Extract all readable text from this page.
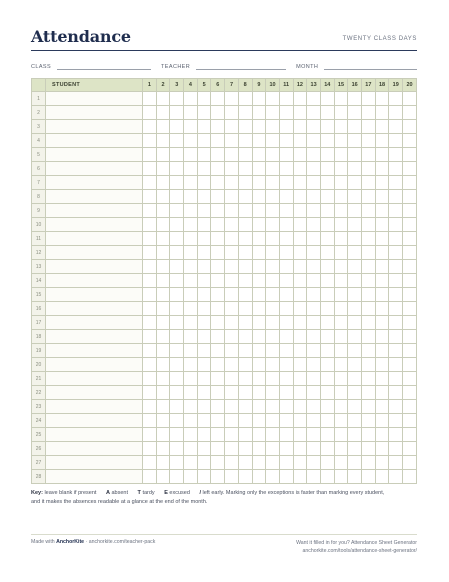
Attendance	TWENTY CLASS DAYS
CLASS	TEACHER	MONTH
	STUDENT	1	2	3	4	5	6	7	8	9	10	11	12	13	14	15	16	17	18	19	20
1																					
2																					
3																					
4																					
5																					
6																					
7																					
8																					
9																					
10																					
11																					
12																					
13																					
14																					
15																					
16																					
17																					
18																					
19																					
20																					
21																					
22																					
23																					
24																					
25																					
26																					
27																					
28																					
Key: leave blank if present A absent T tardy E excused / left early. Marking only the exceptions is faster than marking every student,
and it makes the absences readable at a glance at the end of the month.
Made with AnchorKite · anchorkite.com/teacher-pack	Want it filled in for you? Attendance Sheet Generator
anchorkite.com/tools/attendance-sheet-generator/
